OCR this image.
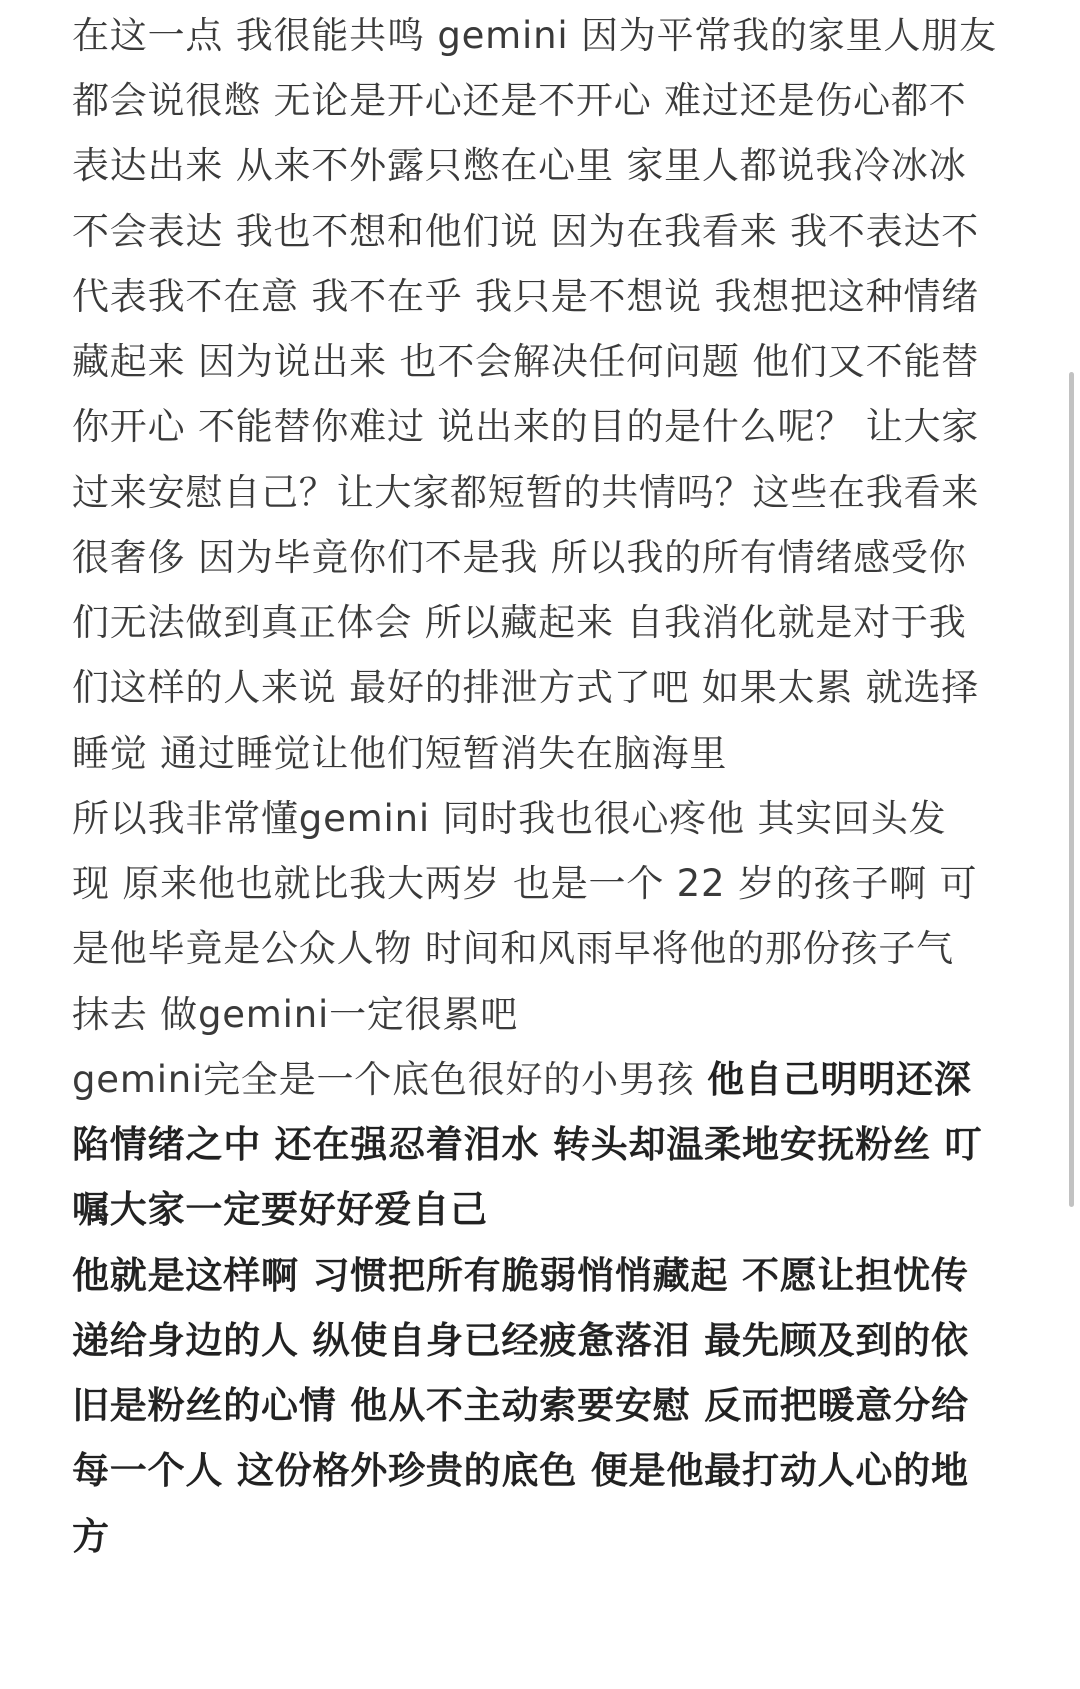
在这一点 我很能共鸣 gemini 因为平常我的家里人朋友
都会说很憋 无论是开心还是不开心 难过还是伤心都不
表达出来 从来不外露只憋在心里 家里人都说我冷冰冰
不会表达 我也不想和他们说 因为在我看来 我不表达不
代表我不在意 我不在乎 我只是不想说 我想把这种情绪
藏起来 因为说出来 也不会解决任何问题 他们又不能替
你开心 不能替你难过 说出来的目的是什么呢？ 让大家
过来安慰自己？让大家都短暂的共情吗？这些在我看来
很奢侈 因为毕竟你们不是我 所以我的所有情绪感受你
们无法做到真正体会 所以藏起来 自我消化就是对于我
们这样的人来说 最好的排泄方式了吧 如果太累 就选择
睡觉 通过睡觉让他们短暂消失在脑海里
所以我非常懂gemini 同时我也很心疼他 其实回头发
现 原来他也就比我大两岁 也是一个 22 岁的孩子啊 可
是他毕竟是公众人物 时间和风雨早将他的那份孩子气
抹去 做gemini一定很累吧
gemini完全是一个底色很好的小男孩 他自己明明还深
陷情绪之中 还在强忍着泪水 转头却温柔地安抚粉丝 叮
嘱大家一定要好好爱自己
他就是这样啊 习惯把所有脆弱悄悄藏起 不愿让担忧传
递给身边的人 纵使自身已经疲惫落泪 最先顾及到的依
旧是粉丝的心情 他从不主动索要安慰 反而把暖意分给
每一个人 这份格外珍贵的底色 便是他最打动人心的地
方
